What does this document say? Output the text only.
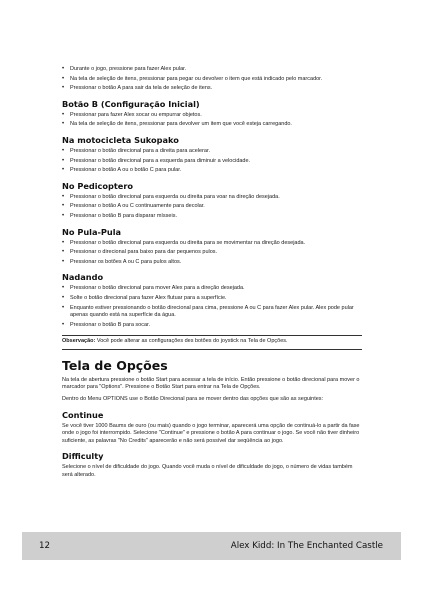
• Durante o jogo, pressione para fazer Alex pular.
• Na tela de seleção de itens, pressionar para pegar ou devolver o item que está indicado pelo marcador.
• Pressionar o botão A para sair da tela de seleção de itens.
Botão B (Configuração Inicial)
• Pressionar para fazer Alex socar ou empurrar objetos.
• Na tela de seleção de itens, pressionar para devolver um item que você esteja carregando.
Na motocicleta Sukopako
• Pressionar o botão direcional para a direita para acelerar.
• Pressionar o botão direcional para a esquerda para diminuir a velocidade.
• Pressionar o botão A ou o botão C para pular.
No Pedicoptero
• Pressionar o botão direcional para esquerda ou direita para voar na direção desejada.
• Pressionar o botão A ou C continuamente para decolar.
• Pressionar o botão B para disparar mísseis.
No Pula-Pula
• Pressionar o botão direcional para esquerda ou direita para se movimentar na direção desejada.
• Pressionar o direcional para baixo para dar pequenos pulos.
• Pressionar os botões A ou C para pulos altos.
Nadando
• Pressionar o botão direcional para mover Alex para a direção desejada.
• Solte o botão direcional para fazer Alex flutuar para a superfície.
• Enquanto estiver pressionando o botão direcional para cima, pressione A ou C para fazer Alex pular. Alex pode pular apenas quando está na superfície da água.
• Pressionar o botão B para socar.

Observação: Você pode alterar as configurações des botões do joystick na Tela de Opções.

Tela de Opções

Na tela de abertura pressione o botão Start para acessar a tela de início. Então pressione o botão direcional para mover o marcador para "Options". Pressione o Botão Start para entrar na Tela de Opções.

Dentro do Menu OPTIONS use o Botão Direcional para se mover dentro das opções que são as seguintes:

Continue

Se você tiver 1000 Baums de ouro (ou mais) quando o jogo terminar, aparecerá uma opção de continuá-lo a partir da fase onde o jogo foi interrompido. Selecione "Continue" e pressione o botão A para continuar o jogo. Se você não tiver dinheiro suficiente, as palavras "No Credits" aparecerão e não será possível dar seqüência ao jogo.

Difficulty

Selecione o nível de dificuldade do jogo. Quando você muda o nível de dificuldade do jogo, o número de vidas também será alterado.

12	Alex Kidd: In The Enchanted Castle
